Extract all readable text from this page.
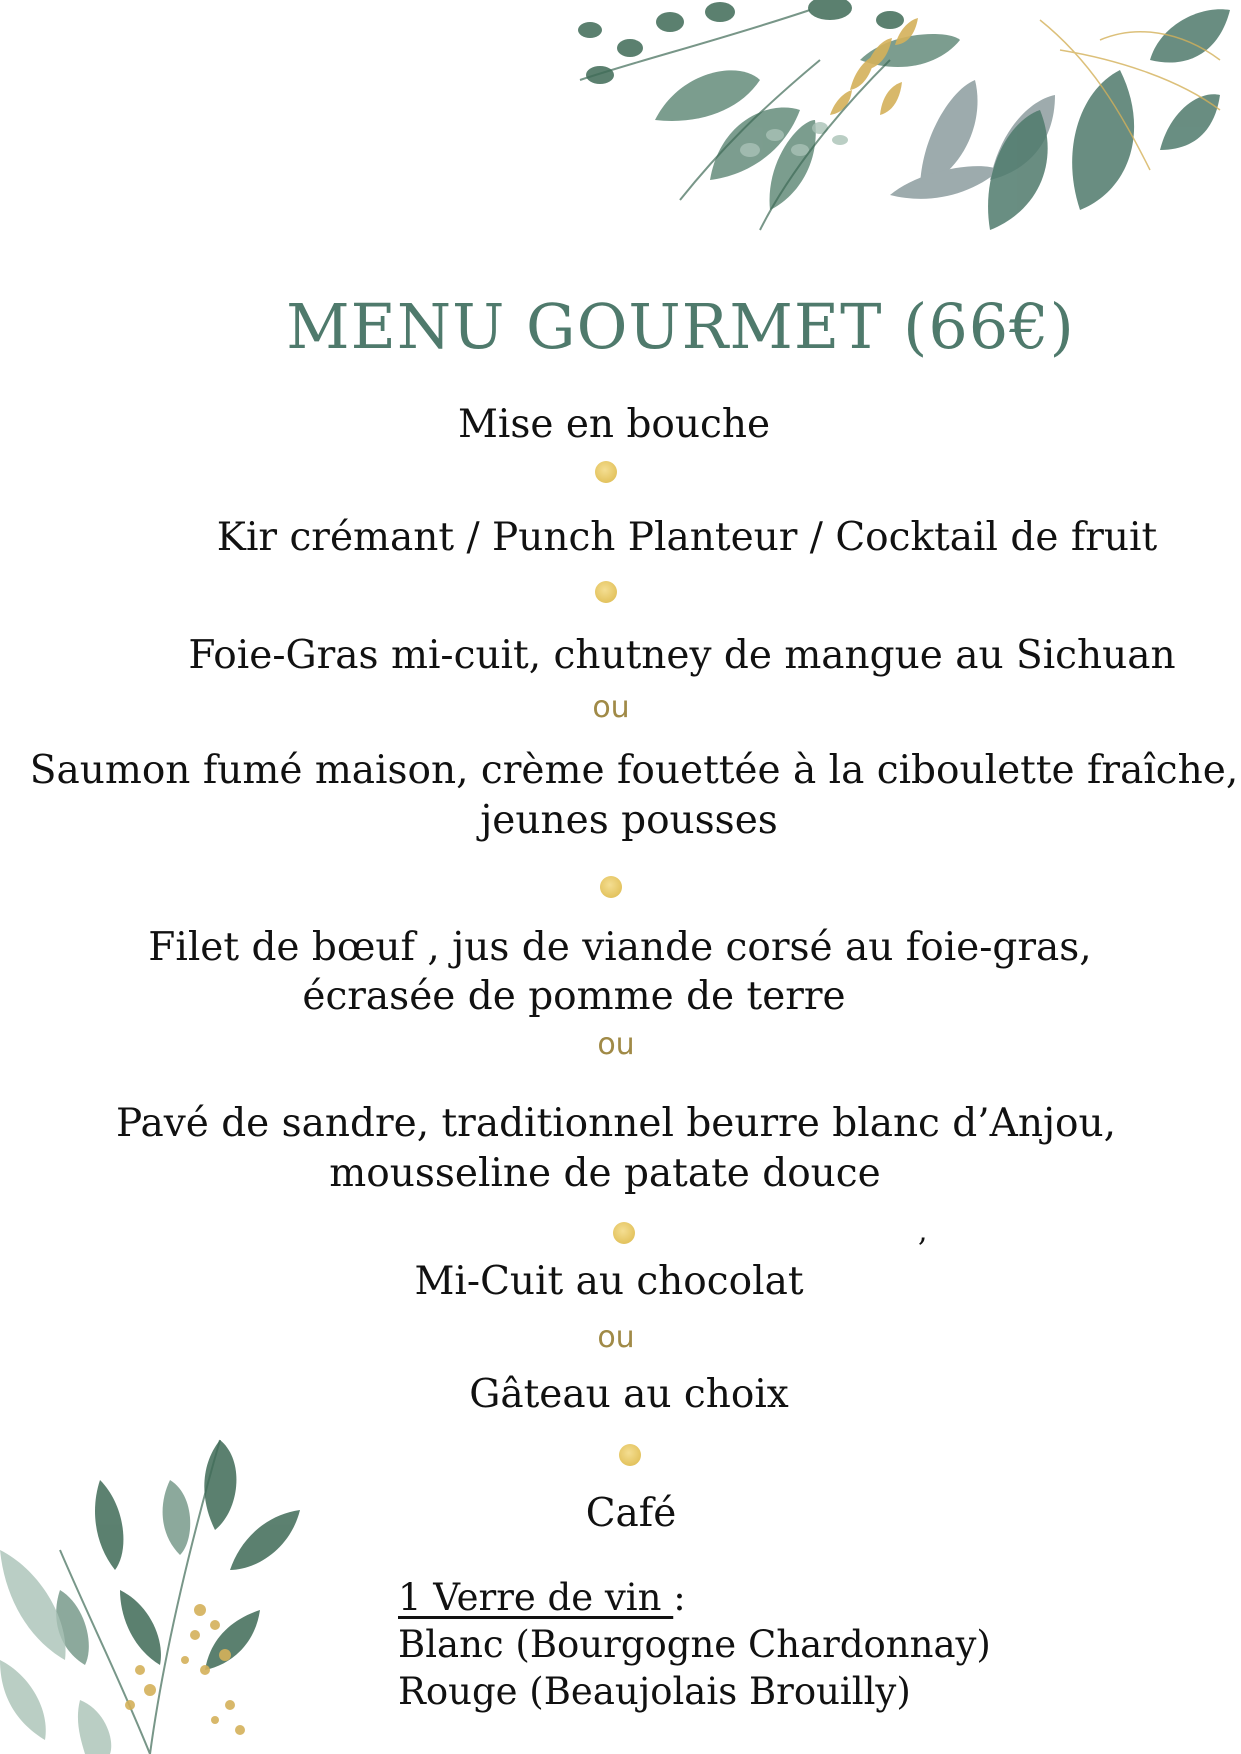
MENU GOURMET (66€)
Mise en bouche
Kir crémant / Punch Planteur / Cocktail de fruit
Foie-Gras mi-cuit, chutney de mangue au Sichuan
ou
Saumon fumé maison, crème fouettée à la ciboulette fraîche,
jeunes pousses
Filet de bœuf , jus de viande corsé au foie-gras,
écrasée de pomme de terre
ou
Pavé de sandre, traditionnel beurre blanc d’Anjou,
mousseline de patate douce
,
Mi-Cuit au chocolat
ou
Gâteau au choix
Café
1 Verre de vin :
Blanc (Bourgogne Chardonnay)
Rouge (Beaujolais Brouilly)
